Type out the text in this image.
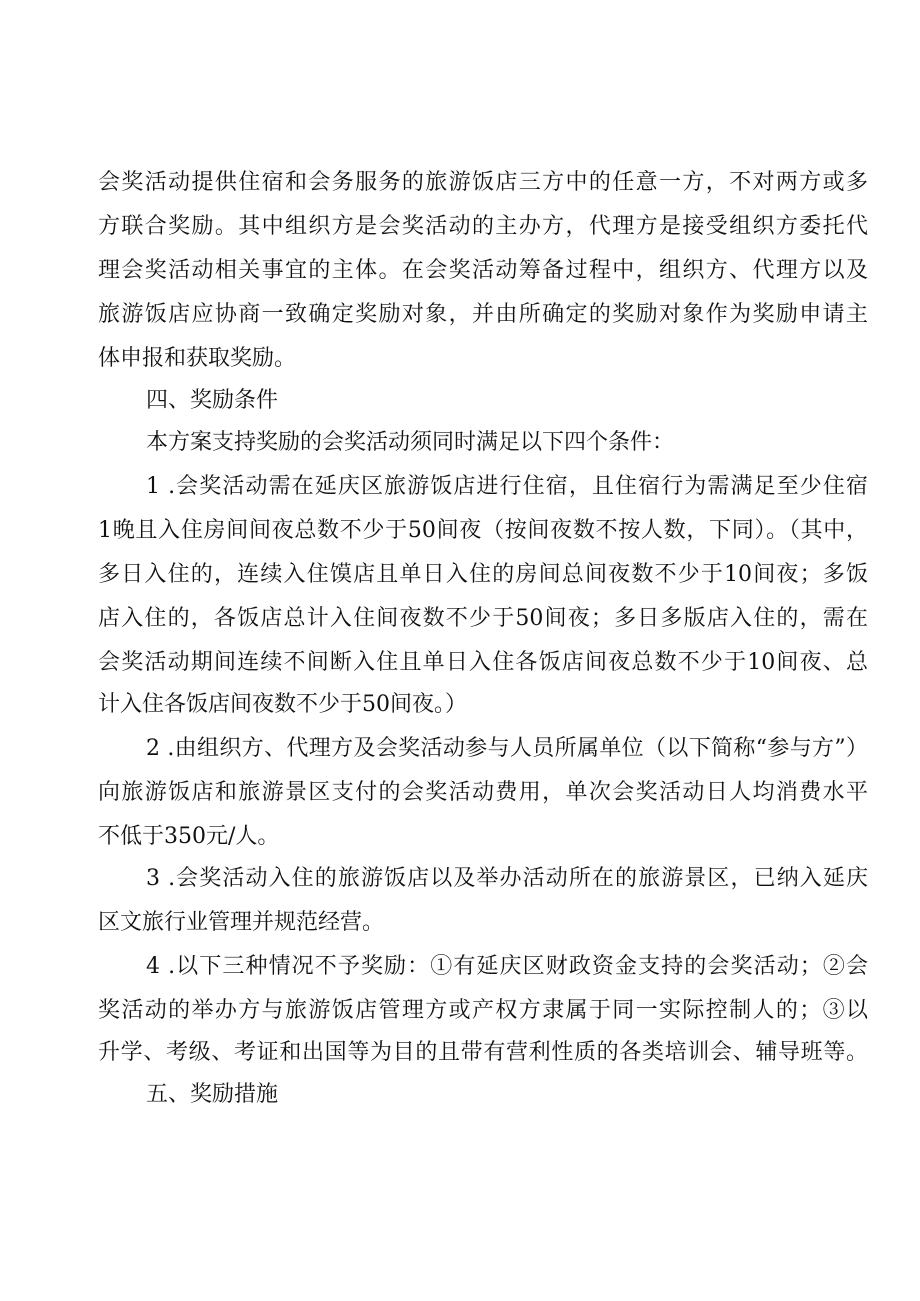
会奖活动提供住宿和会务服务的旅游饭店三方中的任意一方，不对两方或多
方联合奖励。其中组织方是会奖活动的主办方，代理方是接受组织方委托代
理会奖活动相关事宜的主体。在会奖活动筹备过程中，组织方、代理方以及
旅游饭店应协商一致确定奖励对象，并由所确定的奖励对象作为奖励申请主
体申报和获取奖励。
四、奖励条件
本方案支持奖励的会奖活动须同时满足以下四个条件：
1 .会奖活动需在延庆区旅游饭店进行住宿，且住宿行为需满足至少住宿
1晚且入住房间间夜总数不少于50间夜（按间夜数不按人数，下同）。（其中，
多日入住的，连续入住馍店且单日入住的房间总间夜数不少于10间夜；多饭
店入住的，各饭店总计入住间夜数不少于50间夜；多日多版店入住的，需在
会奖活动期间连续不间断入住且单日入住各饭店间夜总数不少于10间夜、总
计入住各饭店间夜数不少于50间夜。）
2 .由组织方、代理方及会奖活动参与人员所属单位（以下简称“参与方”）
向旅游饭店和旅游景区支付的会奖活动费用，单次会奖活动日人均消费水平
不低于350元/人。
3 .会奖活动入住的旅游饭店以及举办活动所在的旅游景区，已纳入延庆
区文旅行业管理并规范经营。
4 .以下三种情况不予奖励：①有延庆区财政资金支持的会奖活动；②会
奖活动的举办方与旅游饭店管理方或产权方隶属于同一实际控制人的；③以
升学、考级、考证和出国等为目的且带有营利性质的各类培训会、辅导班等。
五、奖励措施
